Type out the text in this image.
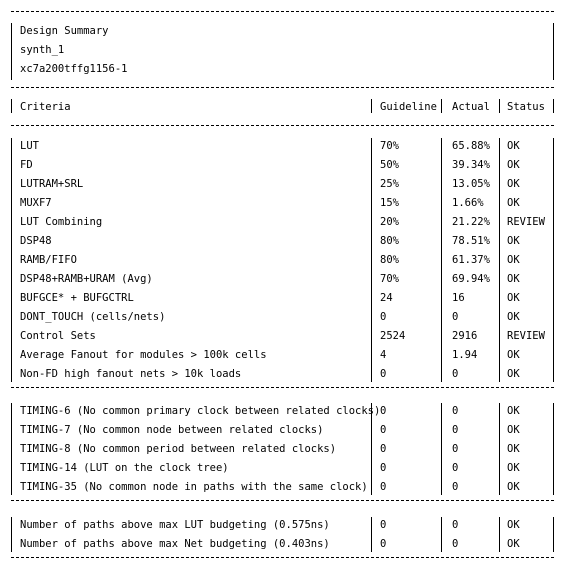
Design Summary
synth_1
xc7a200tffg1156-1
Criteria	Guideline Actual Status
LUT	70%	65.88% OK
FD	50%	39.34% OK
LUTRAM+SRL	25%	13.05% OK
MUXF7	15%	1.66% OK
LUT Combining	20%	21.22% REVIEW
DSP48	80%	78.51% OK
RAMB/FIFO	80%	61.37% OK
DSP48+RAMB+URAM (Avg)	70%	69.94% OK
BUFGCE* + BUFGCTRL	24	16	OK
DONT_TOUCH (cells/nets)	0	0	OK
Control Sets	2524	2916	REVIEW
Average Fanout for modules > 100k cells	4	1.94	OK
Non-FD high fanout nets > 10k loads	0	0	OK
TIMING-6 (No common primary clock between related clocks) 0	0	OK
TIMING-7 (No common node between related clocks)	0	0	OK
TIMING-8 (No common period between related clocks)	0	0	OK
TIMING-14 (LUT on the clock tree)	0	0	OK
TIMING-35 (No common node in paths with the same clock) 0	0	OK
Number of paths above max LUT budgeting (0.575ns)	0	0	OK
Number of paths above max Net budgeting (0.403ns)	0	0	OK
